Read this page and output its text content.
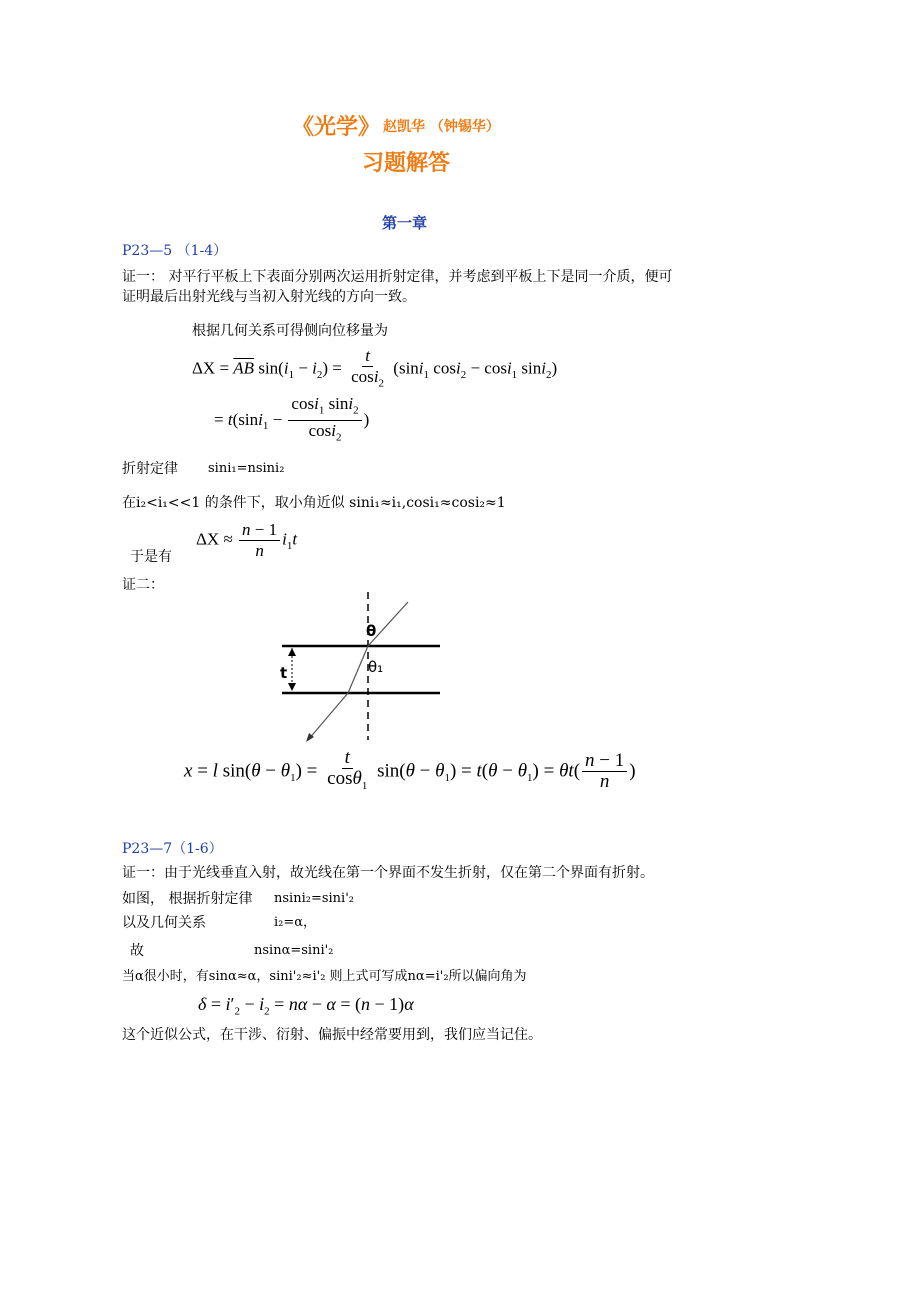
《光学》 赵凯华 （钟锡华）
习题解答
第一章
P23—5 （1-4）
证一： 对平行平板上下表面分别两次运用折射定律，并考虑到平板上下是同一介质，便可
证明最后出射光线与当初入射光线的方向一致。
根据几何关系可得侧向位移量为
$\Delta X = \overline{AB}$ $\sin(i_1 - i_2) = \frac{t}{\cos i_2} (\sin i_1$ cosi$_2$ − cosi$_1$ sini$_2$)
= $t(\sin i_1 - \frac{\cos i_1 \sin i_2}{\cos i_2}$ )
折射定律 sini₁=nsini₂
在i₂<i₁<<1 的条件下，取小角近似 sini₁≈i₁,cosi₁≈cosi₂≈1
$\Delta X \approx \frac{n - 1}{n} i_1t$
于是有
证二：
t
θ
θ₁
x = l $\sin(\theta - \theta_1) = \frac{t}{\cos\theta_1} \sin(\theta - \theta_1) = t(\theta - \theta_1) = \theta t( \frac{n - 1}{n}$ )
P23—7（1-6）
证一：由于光线垂直入射，故光线在第一个界面不发生折射，仅在第二个界面有折射。
如图， 根据折射定律 nsini₂=sini'₂
以及几何关系	i₂=α，
故	nsinα=sini'₂
当α很小时，有sinα≈α，sini'₂≈i'₂ 则上式可写成nα=i'₂所以偏向角为
$\delta = i'_2 - i_2 = n\alpha - \alpha = (n - 1)\alpha$
这个近似公式，在干涉、衍射、偏振中经常要用到，我们应当记住。
